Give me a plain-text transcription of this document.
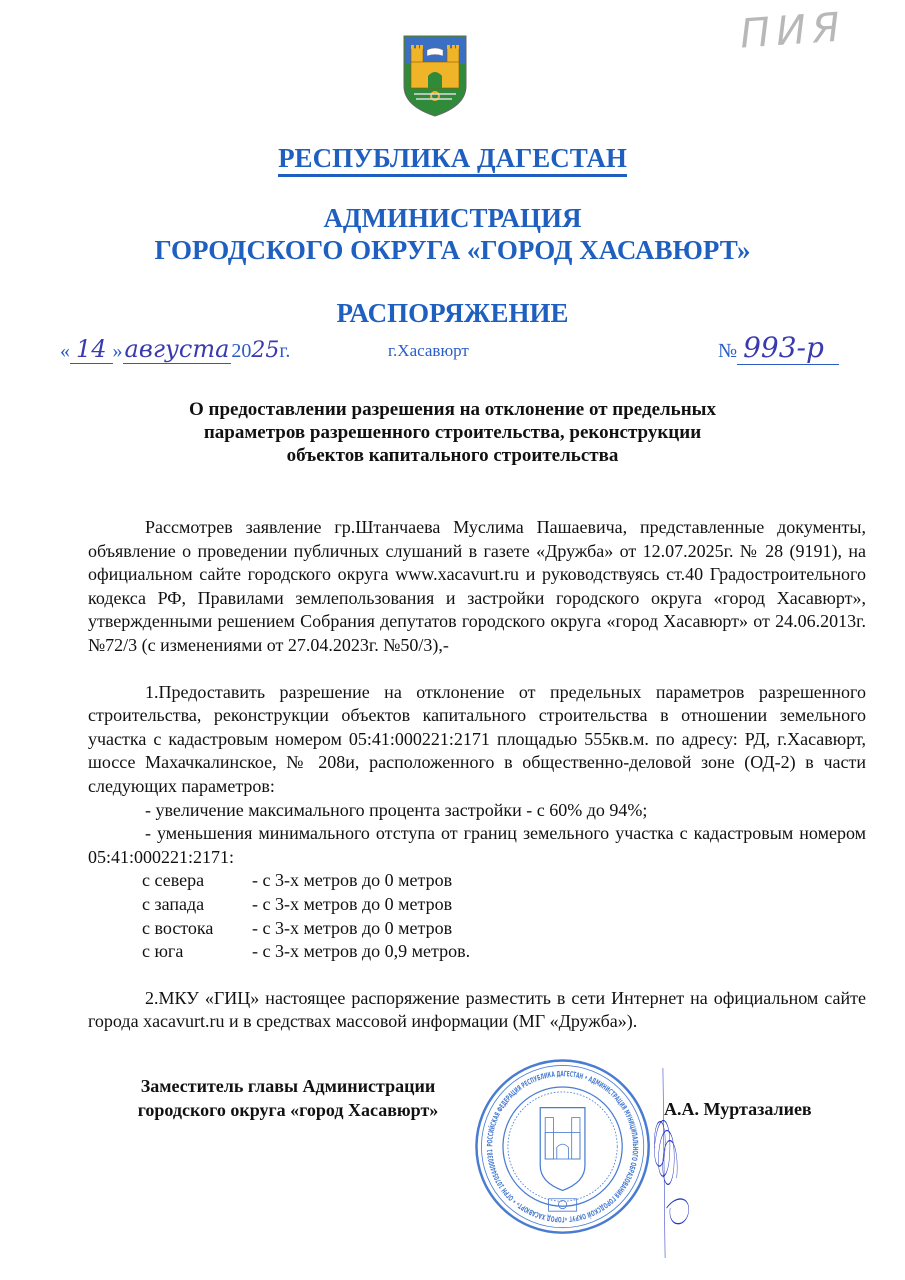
ПИЯ
РЕСПУБЛИКА ДАГЕСТАН
АДМИНИСТРАЦИЯ
ГОРОДСКОГО ОКРУГА «ГОРОД ХАСАВЮРТ»
РАСПОРЯЖЕНИЕ
« 14 »августа 2025г.	г.Хасавюрт	№ 993-р
О предоставлении разрешения на отклонение от предельных
параметров разрешенного строительства, реконструкции
объектов капитального строительства
РОССИЙСКАЯ ФЕДЕРАЦИЯ РЕСПУБЛИКА ДАГЕСТАН • АДМИНИСТРАЦИЯ МУНИЦИПАЛЬНОГО ОБРАЗОВАНИЯ ГОРОДСКОЙ ОКРУГ «ГОРОД ХАСАВЮРТ» • ОГРН 1070544000381

Рассмотрев заявление гр.Штанчаева Муслима Пашаевича, представленные документы, объявление о проведении публичных слушаний в газете «Дружба» от 12.07.2025г. № 28 (9191), на официальном сайте городского округа www.xacavurt.ru и руководствуясь ст.40 Градостроительного кодекса РФ, Правилами землепользования и застройки городского округа «город Хасавюрт», утвержденными решением Собрания депутатов городского округа «город Хасавюрт» от 24.06.2013г. №72/3 (с изменениями от 27.04.2023г. №50/3),-

1.Предоставить разрешение на отклонение от предельных параметров разрешенного строительства, реконструкции объектов капитального строительства в отношении земельного участка с кадастровым номером 05:41:000221:2171 площадью 555кв.м. по адресу: РД, г.Хасавюрт, шоссе Махачкалинское, № 208и, расположенного в общественно-деловой зоне (ОД-2) в части следующих параметров:
- увеличение максимального процента застройки - с 60% до 94%;
- уменьшения минимального отступа от границ земельного участка с кадастровым номером 05:41:000221:2171:
с севера	- с 3-х метров до 0 метров
с запада	- с 3-х метров до 0 метров
с востока	- с 3-х метров до 0 метров
с юга	- с 3-х метров до 0,9 метров.

2.МКУ «ГИЦ» настоящее распоряжение разместить в сети Интернет на официальном сайте города xacavurt.ru и в средствах массовой информации (МГ «Дружба»).

Заместитель главы Администрации
городского округа «город Хасавюрт»	А.А. Муртазалиев
